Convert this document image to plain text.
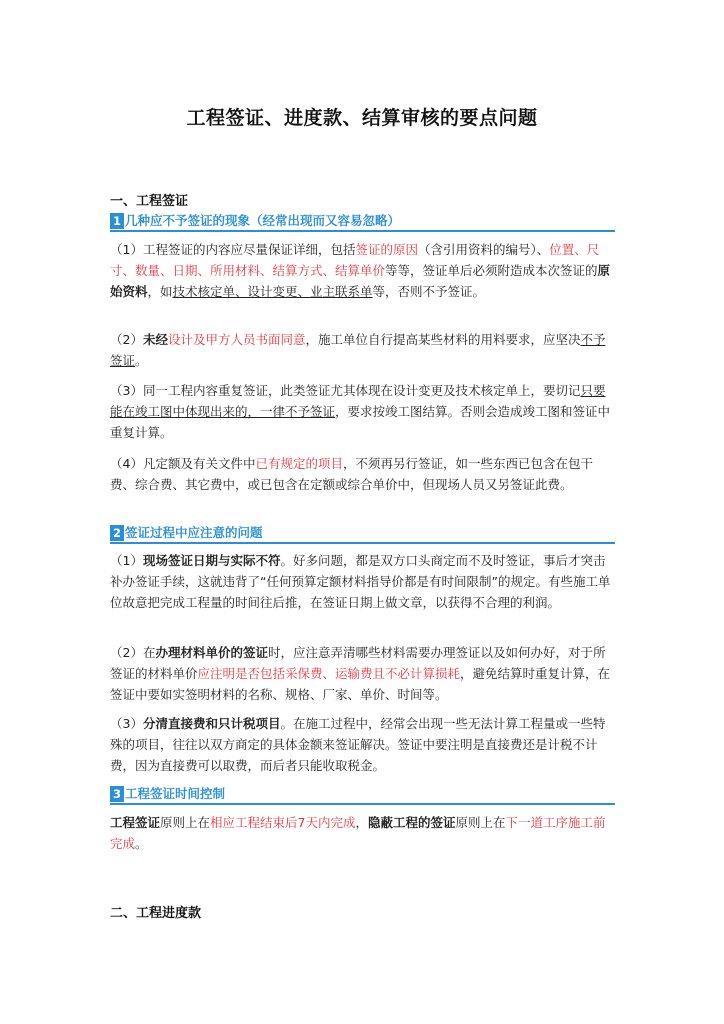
工程签证、进度款、结算审核的要点问题
一、工程签证
1 $^{几种应不予签证的现象(经常出现而又容易忽略)}$
（1）工程签证的内容应尽量保证详细，包括签证的原因（含引用资料的编号）、位置、尺寸、数量、日期、所用材料、结算方式、结算单价等等，签证单后必须附造成本次签证的原始资料，如技术核定单、设计变更、业主联系单等，否则不予签证。
（2）未经设计及甲方人员书面同意，施工单位自行提高某些材料的用料要求，应坚决不予签证。
（3）同一工程内容重复签证，此类签证尤其体现在设计变更及技术核定单上，要切记只要能在竣工图中体现出来的，一律不予签证，要求按竣工图结算。否则会造成竣工图和签证中重复计算。
（4）凡定额及有关文件中已有规定的项目，不须再另行签证，如一些东西已包含在包干费、综合费、其它费中，或已包含在定额或综合单价中，但现场人员又另签证此费。
2 $^{签证过程中应注意的问题}$
（1）现场签证日期与实际不符。好多问题，都是双方口头商定而不及时签证，事后才突击补办签证手续，这就违背了“任何预算定额材料指导价都是有时间限制”的规定。有些施工单位故意把完成工程量的时间往后推，在签证日期上做文章，以获得不合理的利润。
（2）在办理材料单价的签证时，应注意弄清哪些材料需要办理签证以及如何办好，对于所签证的材料单价应注明是否包括采保费、运输费且不必计算损耗，避免结算时重复计算，在签证中要如实签明材料的名称、规格、厂家、单价、时间等。
（3）分清直接费和只计税项目。在施工过程中，经常会出现一些无法计算工程量或一些特殊的项目，往往以双方商定的具体金额来签证解决。签证中要注明是直接费还是计税不计费，因为直接费可以取费，而后者只能收取税金。
3 $^{工程签证时间控制}$
工程签证原则上在相应工程结束后7天内完成，隐蔽工程的签证原则上在下一道工序施工前完成。
二、工程进度款
